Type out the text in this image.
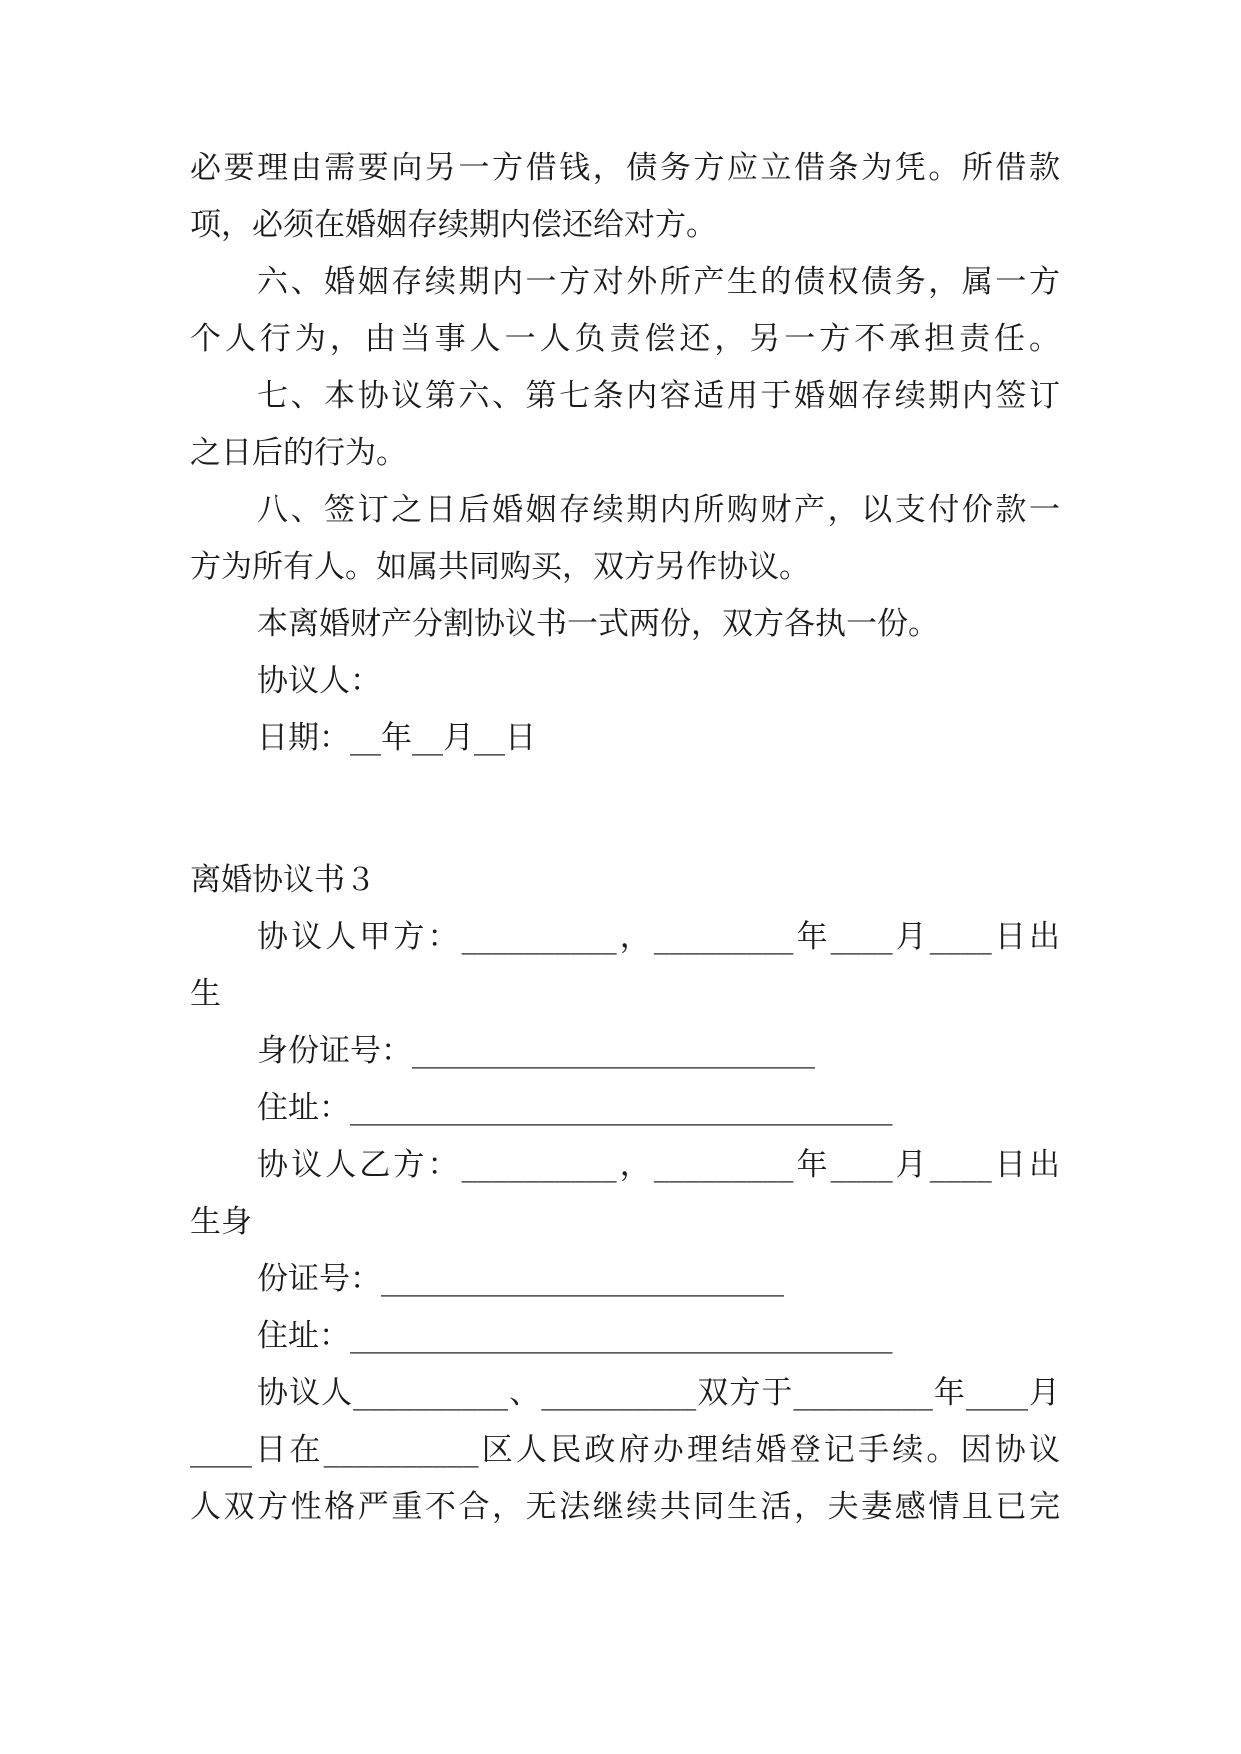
必要理由需要向另一方借钱，债务方应立借条为凭。所借款
项，必须在婚姻存续期内偿还给对方。
六、婚姻存续期内一方对外所产生的债权债务，属一方
个人行为，由当事人一人负责偿还，另一方不承担责任。
七、本协议第六、第七条内容适用于婚姻存续期内签订
之日后的行为。
八、签订之日后婚姻存续期内所购财产，以支付价款一
方为所有人。如属共同购买，双方另作协议。
本离婚财产分割协议书一式两份，双方各执一份。
协议人：
日期：__年__月__日
离婚协议书３
协议人甲方：__________，_________年____月____日出
生
身份证号：__________________________
住址：___________________________________
协议人乙方：__________，_________年____月____日出
生身
份证号：__________________________
住址：___________________________________
协议人__________、__________双方于_________年____月
____日在__________区人民政府办理结婚登记手续。因协议
人双方性格严重不合，无法继续共同生活，夫妻感情且已完
